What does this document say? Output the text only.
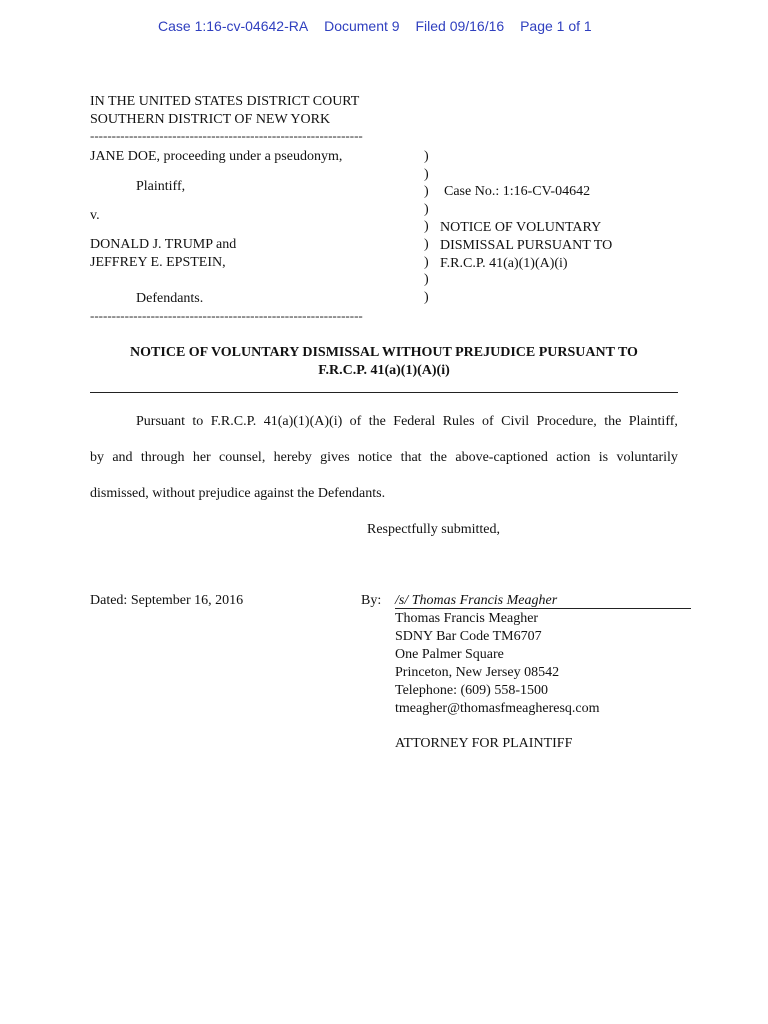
Case 1:16-cv-04642-RA Document 9 Filed 09/16/16 Page 1 of 1
IN THE UNITED STATES DISTRICT COURT
SOUTHERN DISTRICT OF NEW YORK
---------------------------------------------------------------
---------------------------------------------------------------
JANE DOE, proceeding under a pseudonym,
Plaintiff,
v.
DONALD J. TRUMP and
JEFFREY E. EPSTEIN,
Defendants.
)
)
)
)
)
)
)
)
)
Case No.: 1:16-CV-04642
NOTICE OF VOLUNTARY
DISMISSAL PURSUANT TO
F.R.C.P. 41(a)(1)(A)(i)
NOTICE OF VOLUNTARY DISMISSAL WITHOUT PREJUDICE PURSUANT TO
F.R.C.P. 41(a)(1)(A)(i)
Pursuant to F.R.C.P. 41(a)(1)(A)(i) of the Federal Rules of Civil Procedure, the Plaintiff,
by and through her counsel, hereby gives notice that the above-captioned action is voluntarily
dismissed, without prejudice against the Defendants.
Respectfully submitted,
Dated: September 16, 2016	By: /s/ Thomas Francis Meagher
Thomas Francis Meagher
SDNY Bar Code TM6707
One Palmer Square
Princeton, New Jersey 08542
Telephone: (609) 558-1500
tmeagher@thomasfmeagheresq.com
ATTORNEY FOR PLAINTIFF
